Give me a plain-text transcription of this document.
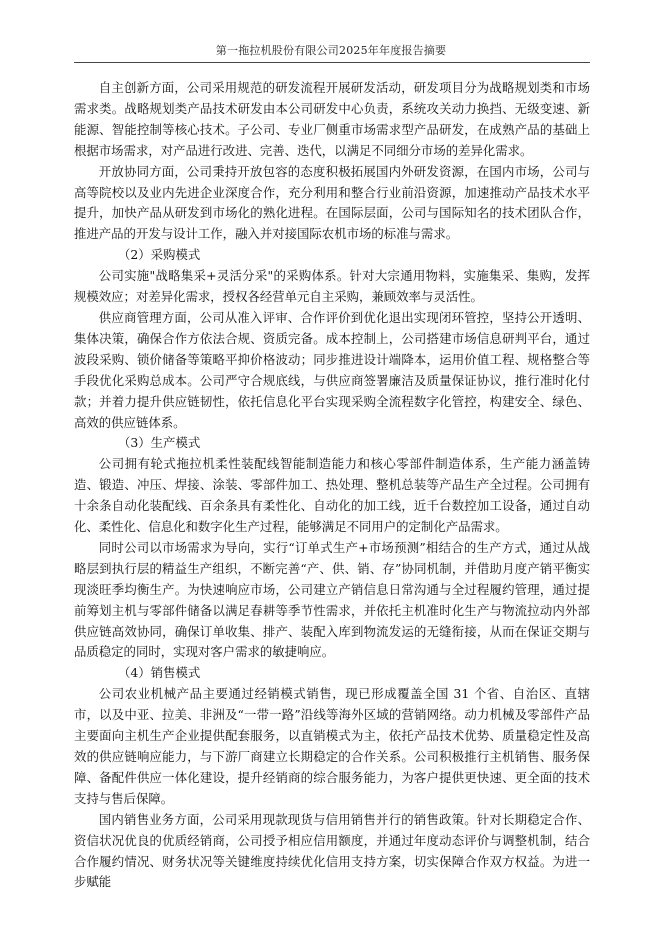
第一拖拉机股份有限公司2025年年度报告摘要

自主创新方面，公司采用规范的研发流程开展研发活动，研发项目分为战略规划类和市场需求类。战略规划类产品技术研发由本公司研发中心负责，系统攻关动力换挡、无级变速、新能源、智能控制等核心技术。子公司、专业厂侧重市场需求型产品研发，在成熟产品的基础上根据市场需求，对产品进行改进、完善、迭代，以满足不同细分市场的差异化需求。

开放协同方面，公司秉持开放包容的态度积极拓展国内外研发资源，在国内市场，公司与高等院校以及业内先进企业深度合作，充分利用和整合行业前沿资源，加速推动产品技术水平提升，加快产品从研发到市场化的熟化进程。在国际层面，公司与国际知名的技术团队合作，推进产品的开发与设计工作，融入并对接国际农机市场的标准与需求。

（2）采购模式

公司实施"战略集采+灵活分采"的采购体系。针对大宗通用物料，实施集采、集购，发挥规模效应；对差异化需求，授权各经营单元自主采购，兼顾效率与灵活性。

供应商管理方面，公司从准入评审、合作评价到优化退出实现闭环管控，坚持公开透明、集体决策，确保合作方依法合规、资质完备。成本控制上，公司搭建市场信息研判平台，通过波段采购、锁价储备等策略平抑价格波动；同步推进设计端降本，运用价值工程、规格整合等手段优化采购总成本。公司严守合规底线，与供应商签署廉洁及质量保证协议，推行准时化付款；并着力提升供应链韧性，依托信息化平台实现采购全流程数字化管控，构建安全、绿色、高效的供应链体系。

（3）生产模式

公司拥有轮式拖拉机柔性装配线智能制造能力和核心零部件制造体系，生产能力涵盖铸造、锻造、冲压、焊接、涂装、零部件加工、热处理、整机总装等产品生产全过程。公司拥有十余条自动化装配线、百余条具有柔性化、自动化的加工线，近千台数控加工设备，通过自动化、柔性化、信息化和数字化生产过程，能够满足不同用户的定制化产品需求。

同时公司以市场需求为导向，实行“订单式生产+市场预测”相结合的生产方式，通过从战略层到执行层的精益生产组织，不断完善“产、供、销、存”协同机制，并借助月度产销平衡实现淡旺季均衡生产。为快速响应市场，公司建立产销信息日常沟通与全过程履约管理，通过提前筹划主机与零部件储备以满足春耕等季节性需求，并依托主机准时化生产与物流拉动内外部供应链高效协同，确保订单收集、排产、装配入库到物流发运的无缝衔接，从而在保证交期与品质稳定的同时，实现对客户需求的敏捷响应。

（4）销售模式

公司农业机械产品主要通过经销模式销售，现已形成覆盖全国 31 个省、自治区、直辖市，以及中亚、拉美、非洲及“一带一路”沿线等海外区域的营销网络。动力机械及零部件产品主要面向主机生产企业提供配套服务，以直销模式为主，依托产品技术优势、质量稳定性及高效的供应链响应能力，与下游厂商建立长期稳定的合作关系。公司积极推行主机销售、服务保障、备配件供应一体化建设，提升经销商的综合服务能力，为客户提供更快速、更全面的技术支持与售后保障。

国内销售业务方面，公司采用现款现货与信用销售并行的销售政策。针对长期稳定合作、资信状况优良的优质经销商，公司授予相应信用额度，并通过年度动态评价与调整机制，结合合作履约情况、财务状况等关键维度持续优化信用支持方案，切实保障合作双方权益。为进一步赋能
